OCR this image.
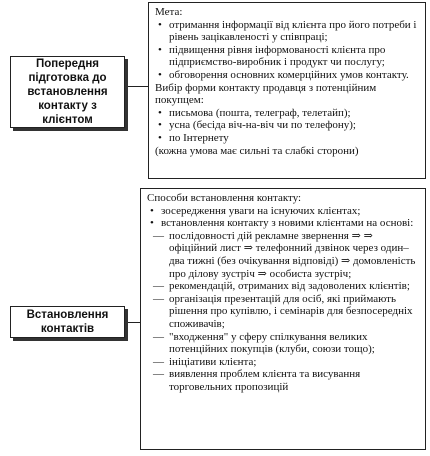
Попередня підготовка до встановлення контакту з клієнтом
Встановлення контактів

Мета:

• отримання інформації від клієнта про його потреби і рівень зацікавленості у співпраці;

• підвищення рівня інформованості клієнта про підприємство-виробник і продукт чи послугу;

• обговорення основних комерційних умов контакту.

Вибір форми контакту продавця з потенційним покупцем:

• письмова (пошта, телеграф, телетайп);

• усна (бесіда віч-на-віч чи по телефону);

• по Інтернету

(кожна умова має сильні та слабкі сторони)

Способи встановлення контакту:

• зосередження уваги на існуючих клієнтах;

• встановлення контакту з новими клієнтами на основі:

— послідовності дій рекламне звернення ⇒ ⇒ офіційний лист ⇒ телефонний дзвінок через один–два тижні (без очікування відповіді) ⇒ домовленість про ділову зустріч ⇒ особиста зустріч;

— рекомендацій, отриманих від задоволених клієнтів;

— організація презентацій для осіб, які приймають рішення про купівлю, і семінарів для безпосередніх споживачів;

— "входження" у сферу спілкування великих потенційних покупців (клуби, союзи тощо);

— ініціативи клієнта;

— виявлення проблем клієнта та висування торговельних пропозицій
